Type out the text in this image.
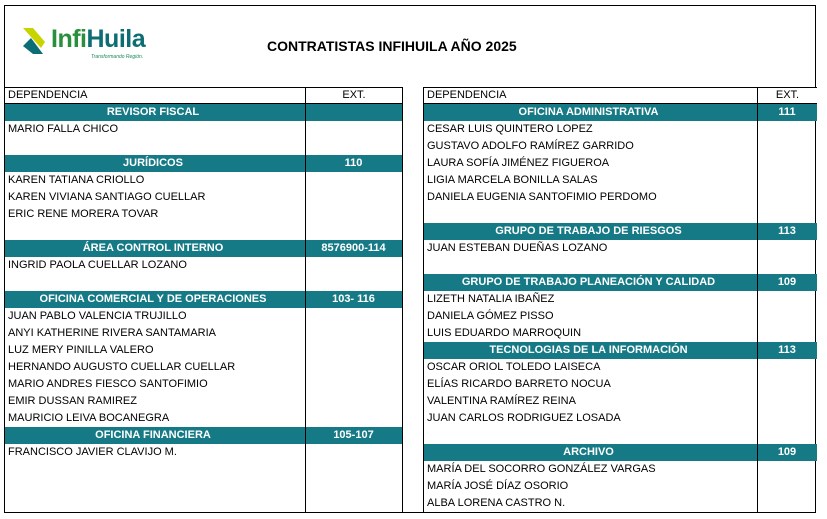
InfiHuila
Transformando Región.
CONTRATISTAS INFIHUILA AÑO 2025
DEPENDENCIA	EXT.
REVISOR FISCAL
MARIO FALLA CHICO
JURÍDICOS	110
KAREN TATIANA CRIOLLO
KAREN VIVIANA SANTIAGO CUELLAR
ERIC RENE MORERA TOVAR
ÁREA CONTROL INTERNO	8576900-114
INGRID PAOLA CUELLAR LOZANO
OFICINA COMERCIAL Y DE OPERACIONES	103- 116
JUAN PABLO VALENCIA TRUJILLO
ANYI KATHERINE RIVERA SANTAMARIA
LUZ MERY PINILLA VALERO
HERNANDO AUGUSTO CUELLAR CUELLAR
MARIO ANDRES FIESCO SANTOFIMIO
EMIR DUSSAN RAMIREZ
MAURICIO LEIVA BOCANEGRA
OFICINA FINANCIERA	105-107
FRANCISCO JAVIER CLAVIJO M.
DEPENDENCIA	EXT.
OFICINA ADMINISTRATIVA	111
CESAR LUIS QUINTERO LOPEZ
GUSTAVO ADOLFO RAMÍREZ GARRIDO
LAURA SOFÍA JIMÉNEZ FIGUEROA
LIGIA MARCELA BONILLA SALAS
DANIELA EUGENIA SANTOFIMIO PERDOMO
GRUPO DE TRABAJO DE RIESGOS	113
JUAN ESTEBAN DUEÑAS LOZANO
GRUPO DE TRABAJO PLANEACIÓN Y CALIDAD	109
LIZETH NATALIA IBAÑEZ
DANIELA GÓMEZ PISSO
LUIS EDUARDO MARROQUIN
TECNOLOGIAS DE LA INFORMACIÓN	113
OSCAR ORIOL TOLEDO LAISECA
ELÍAS RICARDO BARRETO NOCUA
VALENTINA RAMÍREZ REINA
JUAN CARLOS RODRIGUEZ LOSADA
ARCHIVO	109
MARÍA DEL SOCORRO GONZÁLEZ VARGAS
MARÍA JOSÉ DÍAZ OSORIO
ALBA LORENA CASTRO N.
